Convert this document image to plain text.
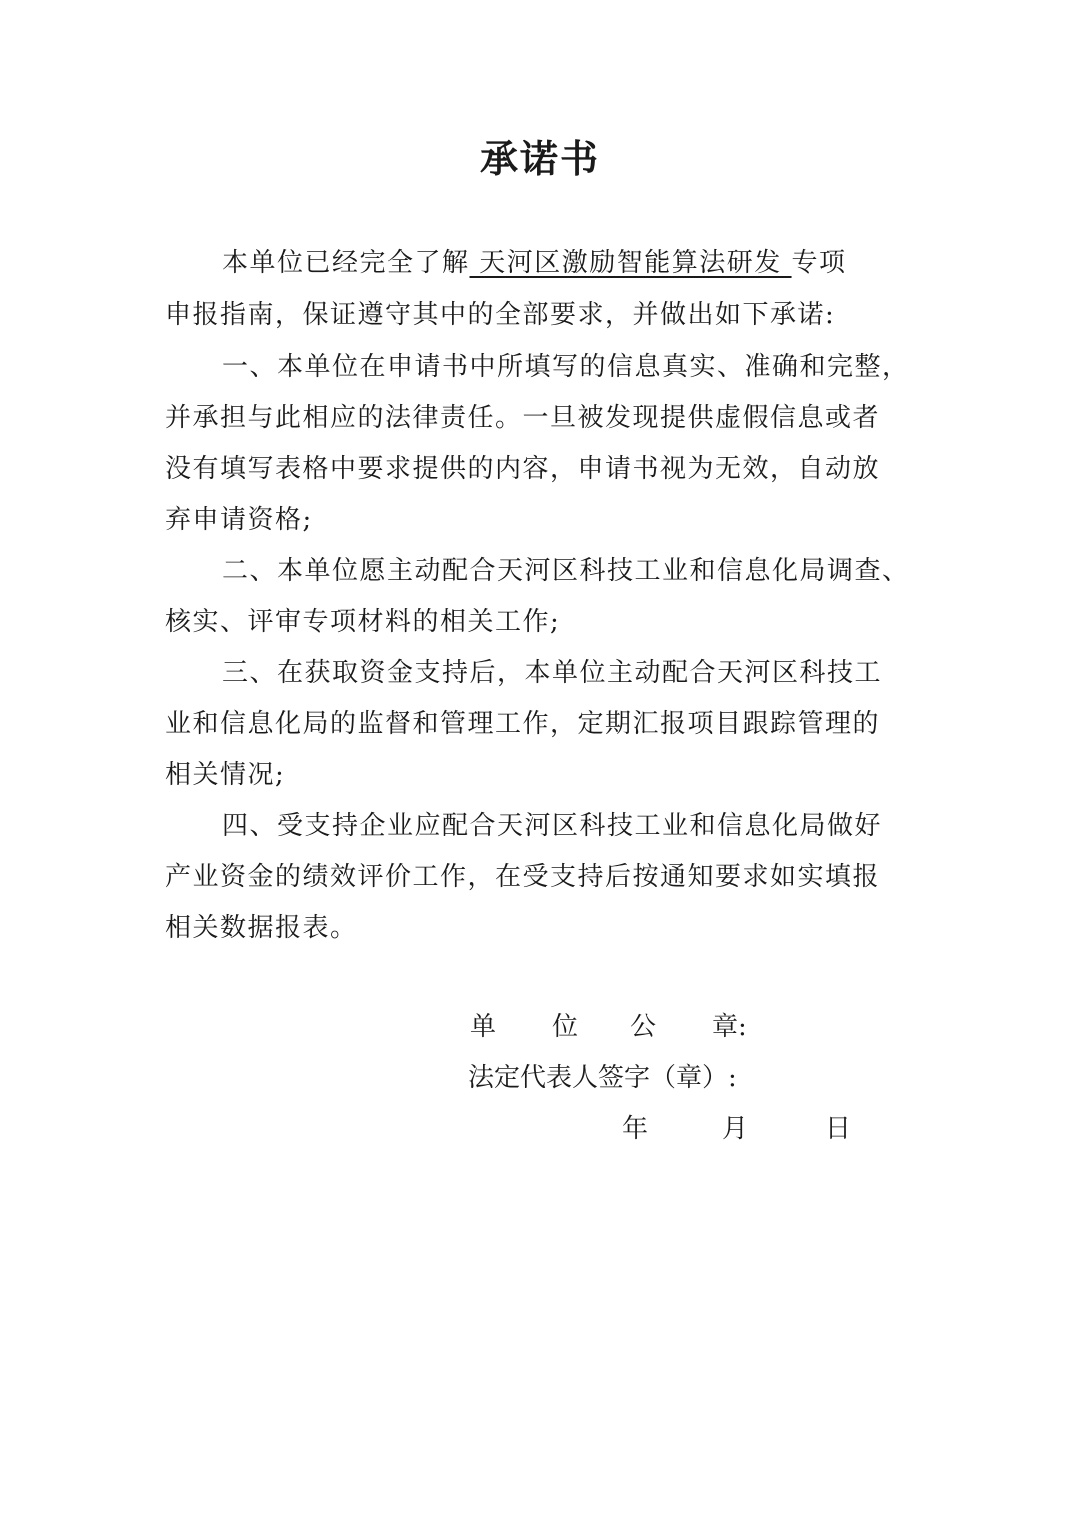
承诺书
本单位已经完全了解 天河区激励智能算法研发 专项
申报指南，保证遵守其中的全部要求，并做出如下承诺:
一、本单位在申请书中所填写的信息真实、准确和完整，
并承担与此相应的法律责任。一旦被发现提供虚假信息或者
没有填写表格中要求提供的内容，申请书视为无效，自动放
弃申请资格;
二、本单位愿主动配合天河区科技工业和信息化局调查、
核实、评审专项材料的相关工作;
三、在获取资金支持后，本单位主动配合天河区科技工
业和信息化局的监督和管理工作，定期汇报项目跟踪管理的
相关情况;
四、受支持企业应配合天河区科技工业和信息化局做好
产业资金的绩效评价工作，在受支持后按通知要求如实填报
相关数据报表。
单 位 公 章:
法定代表人签字（章）:
年	月	日
